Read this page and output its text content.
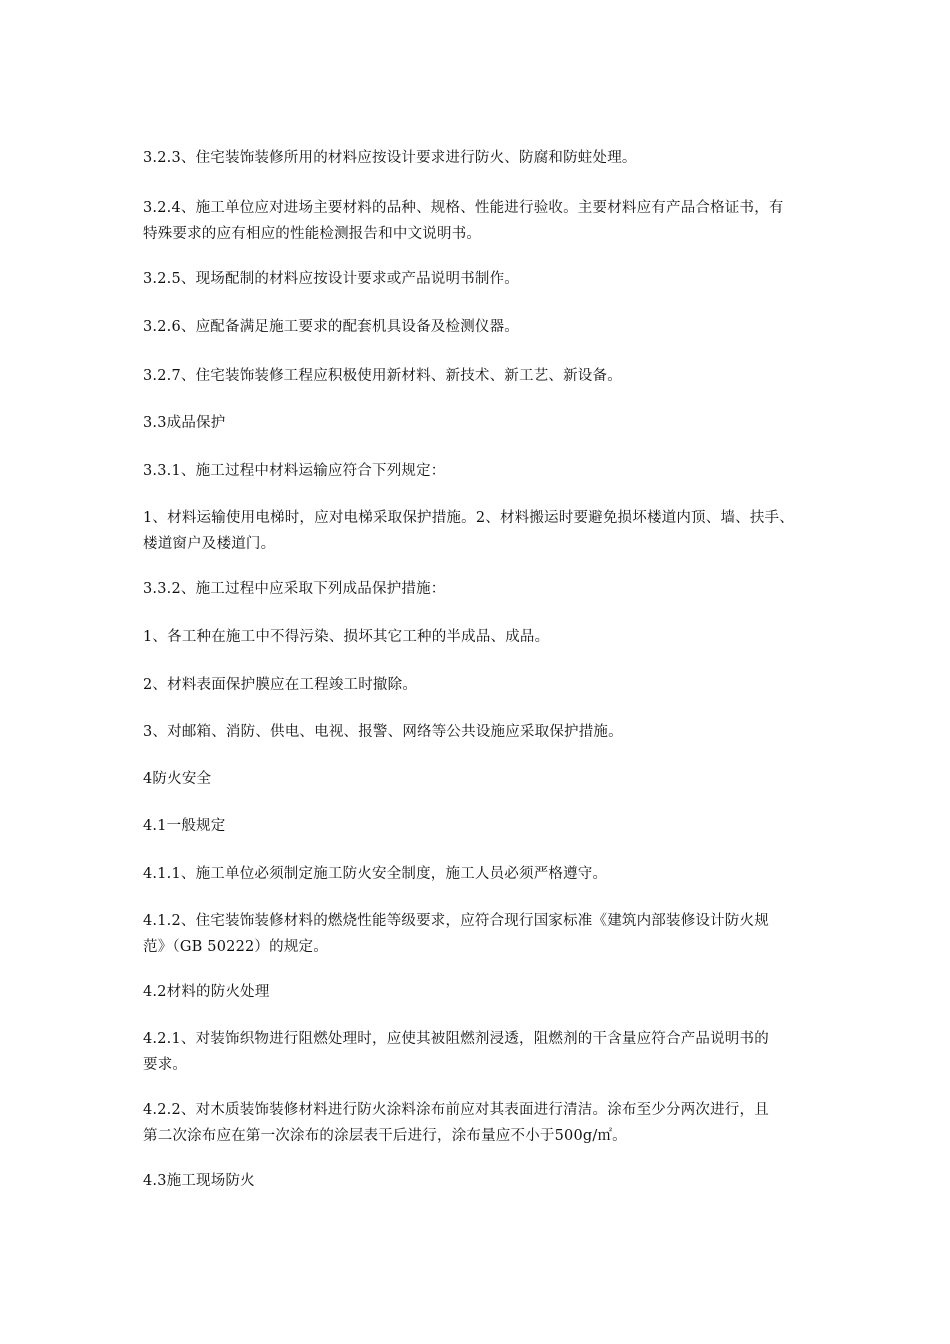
3.2.3、住宅装饰装修所用的材料应按设计要求进行防火、防腐和防蛀处理。

3.2.4、施工单位应对进场主要材料的品种、规格、性能进行验收。主要材料应有产品合格证书，有
特殊要求的应有相应的性能检测报告和中文说明书。

3.2.5、现场配制的材料应按设计要求或产品说明书制作。

3.2.6、应配备满足施工要求的配套机具设备及检测仪器。

3.2.7、住宅装饰装修工程应积极使用新材料、新技术、新工艺、新设备。

3.3成品保护

3.3.1、施工过程中材料运输应符合下列规定：

1、材料运输使用电梯时，应对电梯采取保护措施。2、材料搬运时要避免损坏楼道内顶、墙、扶手、
楼道窗户及楼道门。

3.3.2、施工过程中应采取下列成品保护措施：

1、各工种在施工中不得污染、损坏其它工种的半成品、成品。

2、材料表面保护膜应在工程竣工时撤除。

3、对邮箱、消防、供电、电视、报警、网络等公共设施应采取保护措施。

4防火安全

4.1一般规定

4.1.1、施工单位必须制定施工防火安全制度，施工人员必须严格遵守。

4.1.2、住宅装饰装修材料的燃烧性能等级要求，应符合现行国家标准《建筑内部装修设计防火规
范》（GB 50222）的规定。

4.2材料的防火处理

4.2.1、对装饰织物进行阻燃处理时，应使其被阻燃剂浸透，阻燃剂的干含量应符合产品说明书的
要求。

4.2.2、对木质装饰装修材料进行防火涂料涂布前应对其表面进行清洁。涂布至少分两次进行，且
第二次涂布应在第一次涂布的涂层表干后进行，涂布量应不小于500g/㎡。

4.3施工现场防火
